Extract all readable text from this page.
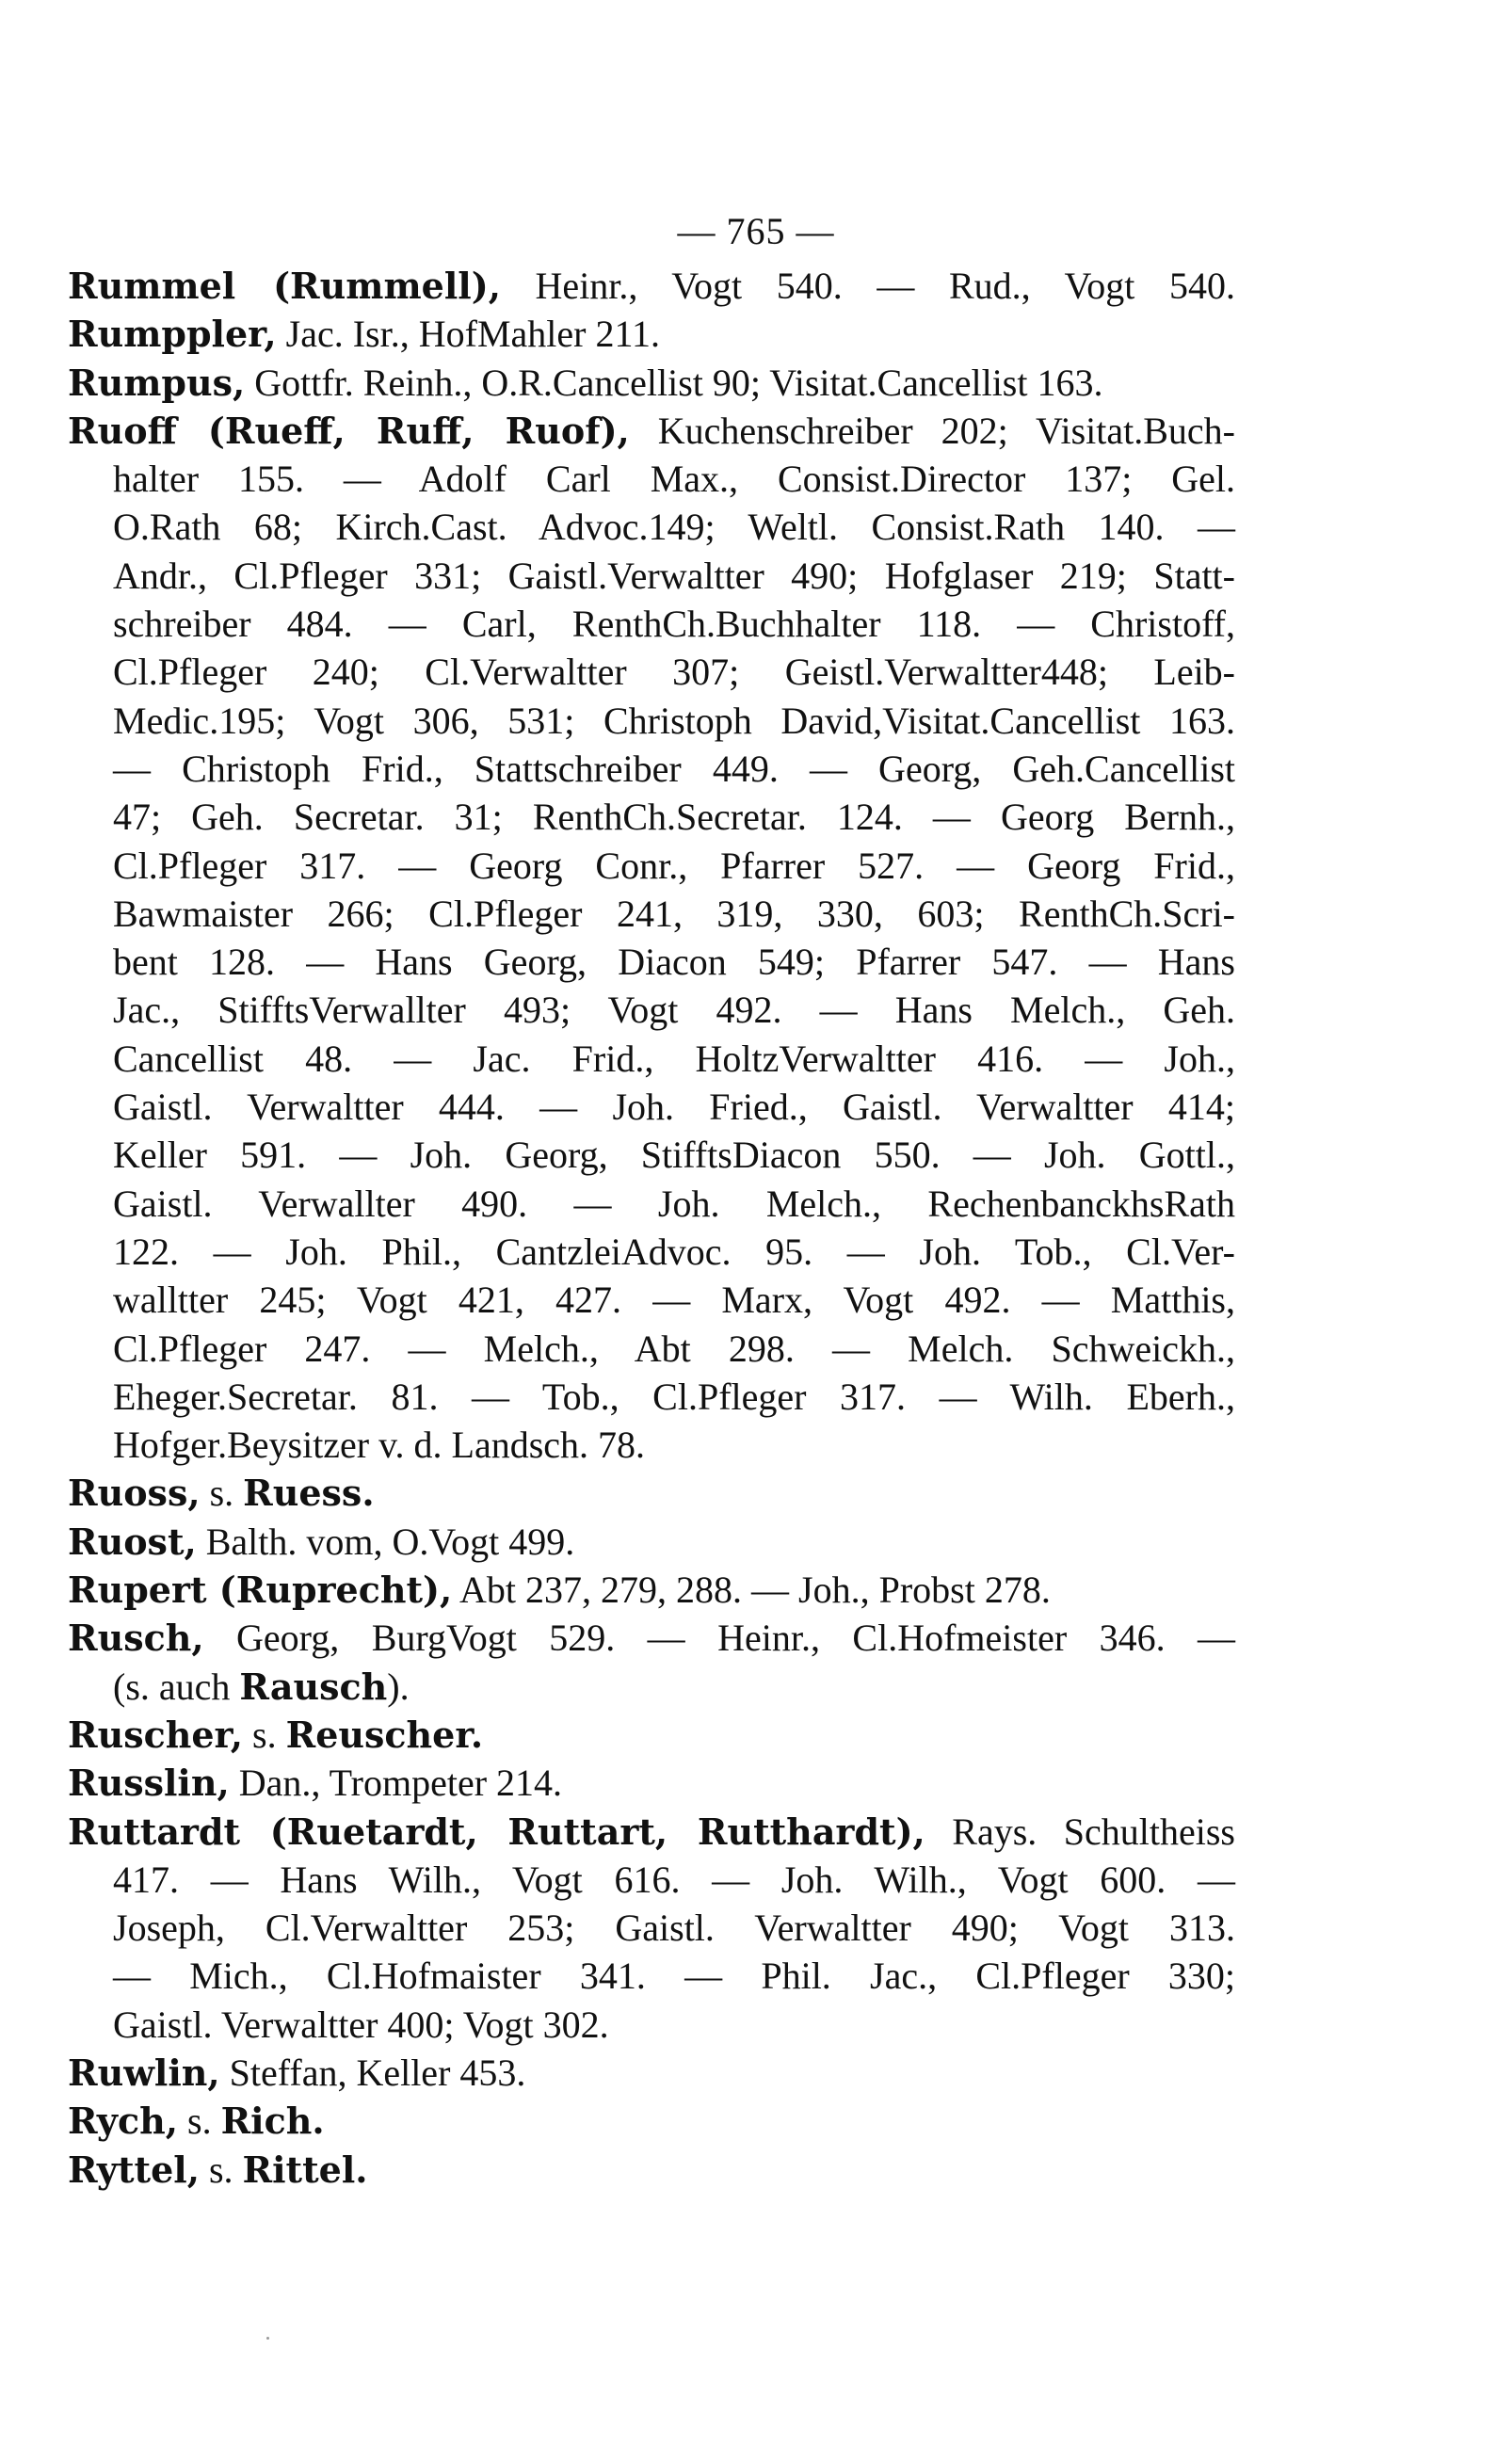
— 765 —
Rummel (Rummell), Heinr., Vogt 540. — Rud., Vogt 540.
Rumppler, Jac. Isr., HofMahler 211.
Rumpus, Gottfr. Reinh., O.R.Cancellist 90; Visitat.Cancellist 163.
Ruoff (Rueff, Ruff, Ruof), Kuchenschreiber 202; Visitat.Buch-
halter 155. — Adolf Carl Max., Consist.Director 137; Gel.
O.Rath 68; Kirch.Cast. Advoc.149; Weltl. Consist.Rath 140. —
Andr., Cl.Pfleger 331; Gaistl.Verwaltter 490; Hofglaser 219; Statt-
schreiber 484. — Carl, RenthCh.Buchhalter 118. — Christoff,
Cl.Pfleger 240; Cl.Verwaltter 307; Geistl.Verwaltter448; Leib-
Medic.195; Vogt 306, 531; Christoph David,Visitat.Cancellist 163.
— Christoph Frid., Stattschreiber 449. — Georg, Geh.Cancellist
47; Geh. Secretar. 31; RenthCh.Secretar. 124. — Georg Bernh.,
Cl.Pfleger 317. — Georg Conr., Pfarrer 527. — Georg Frid.,
Bawmaister 266; Cl.Pfleger 241, 319, 330, 603; RenthCh.Scri-
bent 128. — Hans Georg, Diacon 549; Pfarrer 547. — Hans
Jac., StifftsVerwallter 493; Vogt 492. — Hans Melch., Geh.
Cancellist 48. — Jac. Frid., HoltzVerwaltter 416. — Joh.,
Gaistl. Verwaltter 444. — Joh. Fried., Gaistl. Verwaltter 414;
Keller 591. — Joh. Georg, StifftsDiacon 550. — Joh. Gottl.,
Gaistl. Verwallter 490. — Joh. Melch., RechenbanckhsRath
122. — Joh. Phil., CantzleiAdvoc. 95. — Joh. Tob., Cl.Ver-
walltter 245; Vogt 421, 427. — Marx, Vogt 492. — Matthis,
Cl.Pfleger 247. — Melch., Abt 298. — Melch. Schweickh.,
Eheger.Secretar. 81. — Tob., Cl.Pfleger 317. — Wilh. Eberh.,
Hofger.Beysitzer v. d. Landsch. 78.
Ruoss, s. Ruess.
Ruost, Balth. vom, O.Vogt 499.
Rupert (Ruprecht), Abt 237, 279, 288. — Joh., Probst 278.
Rusch, Georg, BurgVogt 529. — Heinr., Cl.Hofmeister 346. —
(s. auch Rausch).
Ruscher, s. Reuscher.
Russlin, Dan., Trompeter 214.
Ruttardt (Ruetardt, Ruttart, Rutthardt), Rays. Schultheiss
417. — Hans Wilh., Vogt 616. — Joh. Wilh., Vogt 600. —
Joseph, Cl.Verwaltter 253; Gaistl. Verwaltter 490; Vogt 313.
— Mich., Cl.Hofmaister 341. — Phil. Jac., Cl.Pfleger 330;
Gaistl. Verwaltter 400; Vogt 302.
Ruwlin, Steffan, Keller 453.
Rych, s. Rich.
Ryttel, s. Rittel.
